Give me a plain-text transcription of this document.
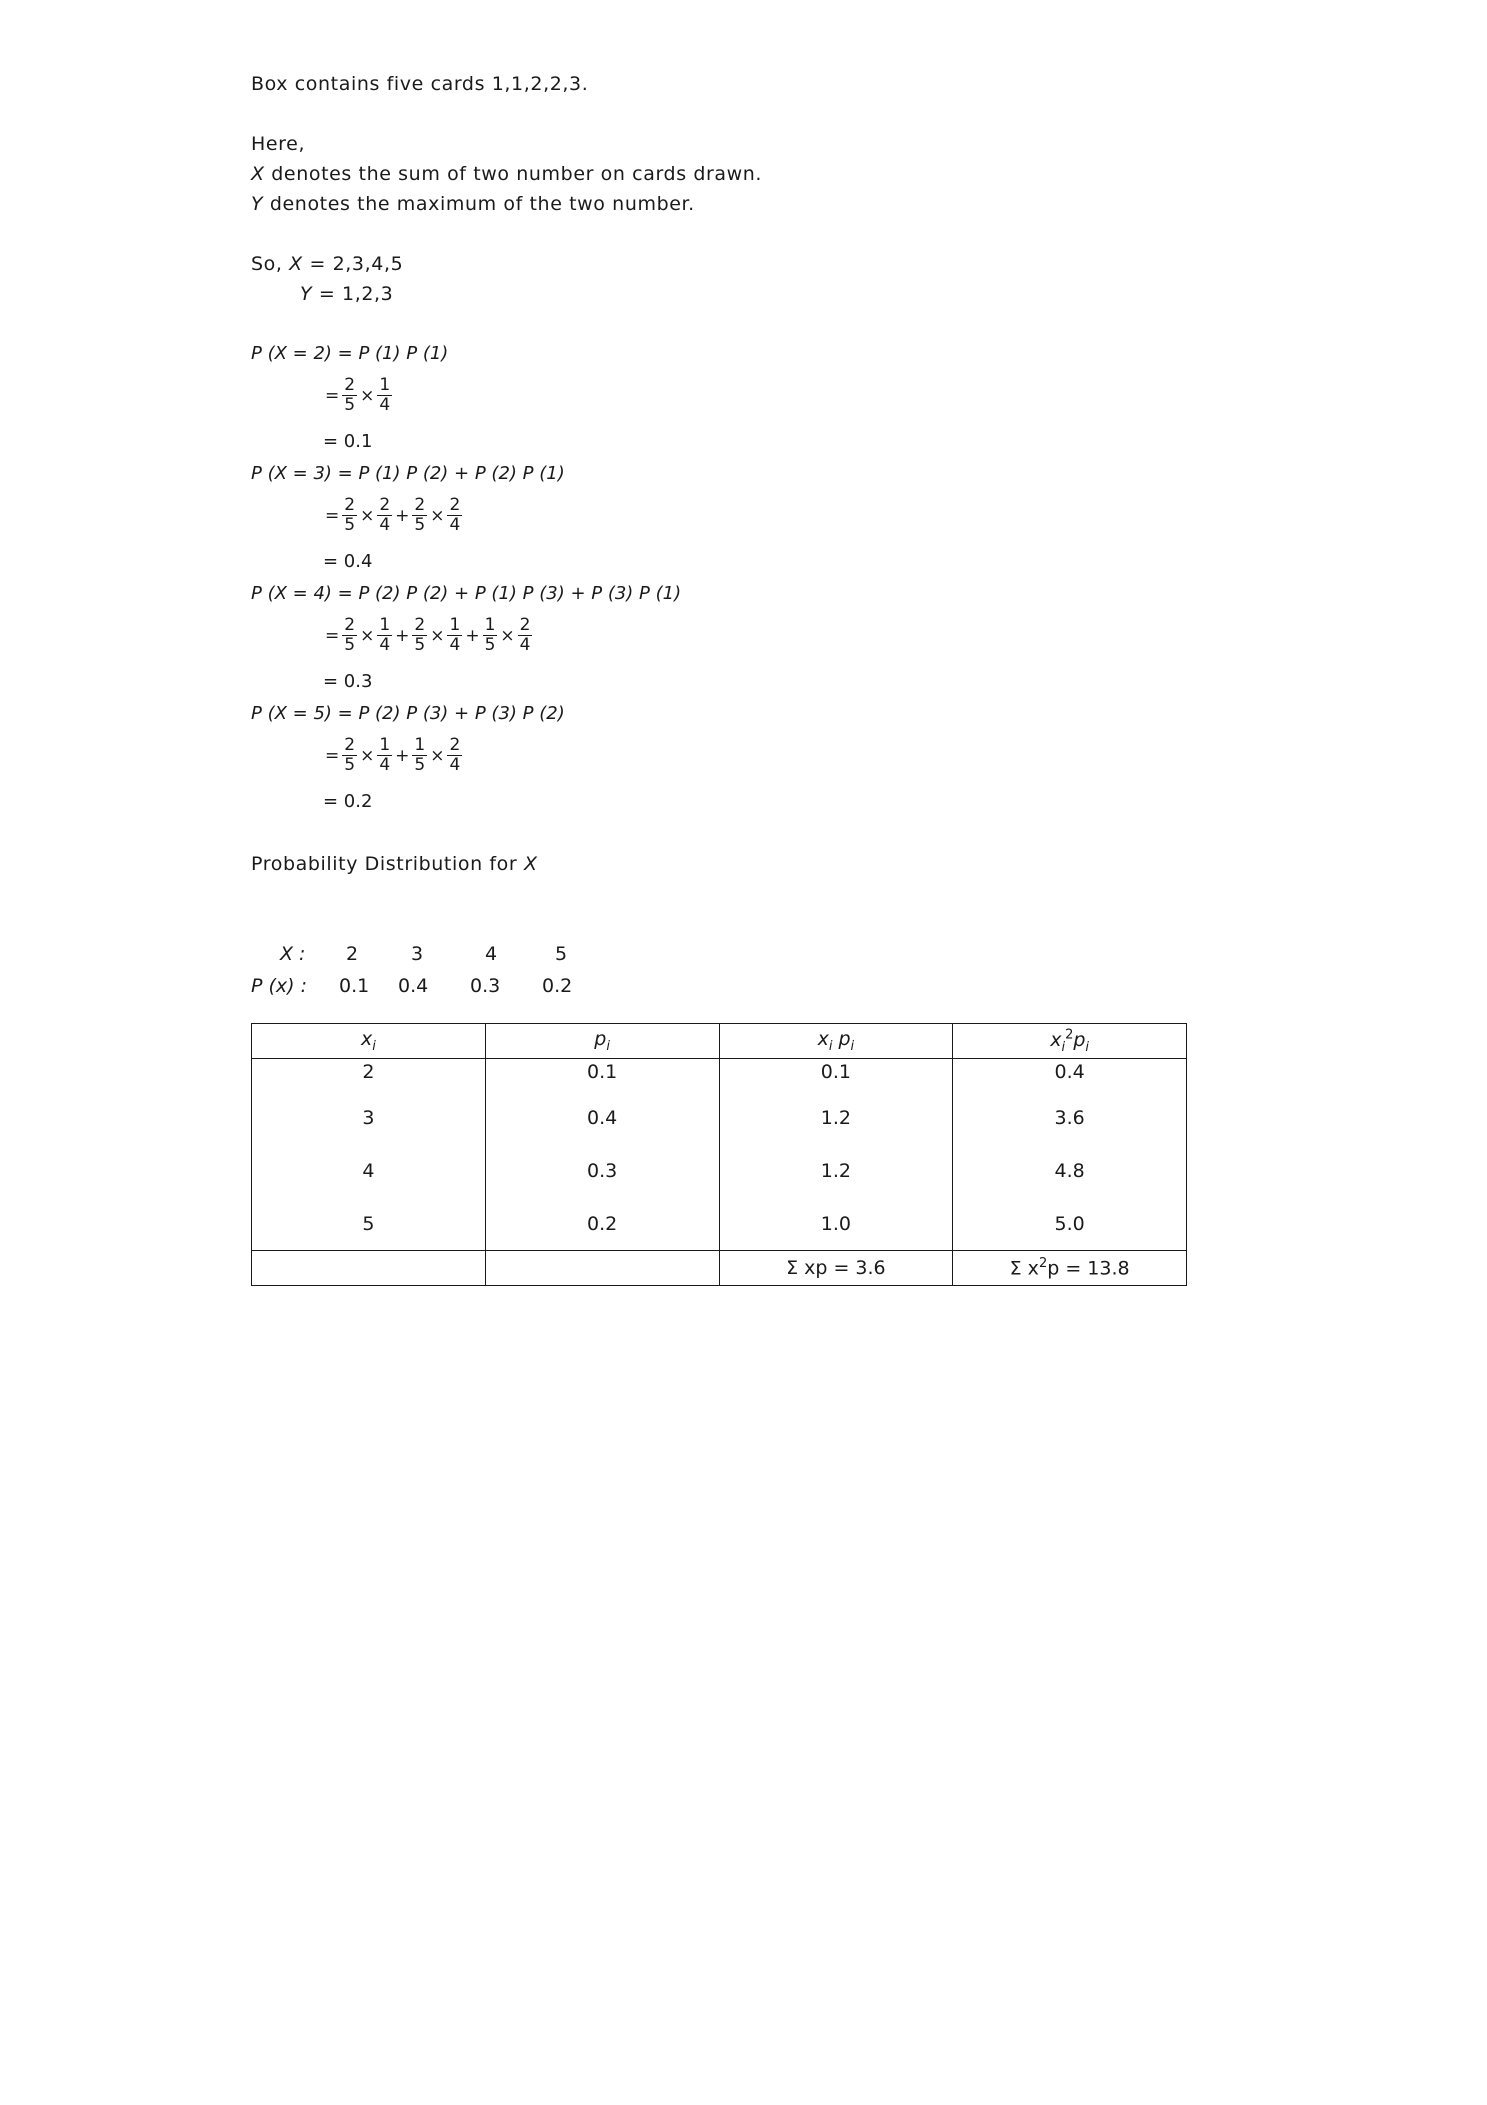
Box contains five cards 1,1,2,2,3.
Here,
X denotes the sum of two number on cards drawn.
Y denotes the maximum of the two number.
So, X = 2,3,4,5
Y = 1,2,3
P (X = 2) = P (1) P (1)
= $\frac{2}{5} \times \frac{1}{4}$
= 0.1
P (X = 3) = P (1) P (2) + P (2) P (1)
= $\frac{2}{5} \times \frac{2}{4} + \frac{2}{5} \times \frac{2}{4}$
= 0.4
P (X = 4) = P (2) P (2) + P (1) P (3) + P (3) P (1)
= $\frac{2}{5} \times \frac{1}{4} + \frac{2}{5} \times \frac{1}{4} + \frac{1}{5} \times \frac{2}{4}$
= 0.3
P (X = 5) = P (2) P (3) + P (3) P (2)
= $\frac{2}{5} \times \frac{1}{4} + \frac{1}{5} \times \frac{2}{4}$
= 0.2
Probability Distribution for X
X : 2	3	4	5
P (x) : 0.1 0.4 0.3 0.2
$x_i$	$p_i$	$x_i$ $p_i$	$x_i^2p_i$
2	0.1	0.1	0.4
3	0.4	1.2	3.6
4	0.3	1.2	4.8
5	0.2	1.0	5.0
		Σ xp = 3.6	Σ $x^2p = 13.8$
